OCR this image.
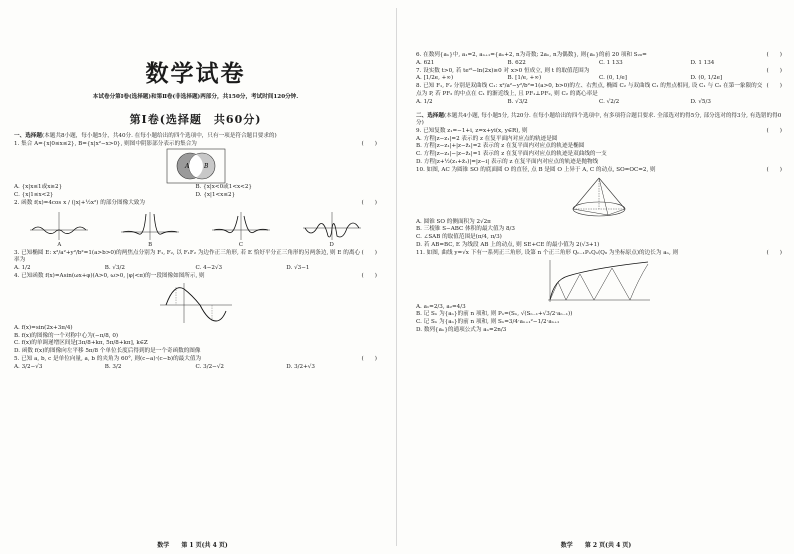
数学试卷
本试卷分第Ⅰ卷(选择题)和第Ⅱ卷(非选择题)两部分，共150分，考试时间120分钟.
第Ⅰ卷(选择题　共60分)
一、选择题(本题共8小题，每小题5分，共40分. 在每小题给出的四个选项中，只有一项是符合题目要求的)
1. 集合 A={x|0≤x≤2}, B={x|x²−x>0}, 则图中阴影部分表示的集合为	(　　)
A B
A. {x|x≤1或x≥2}	B. {x|x<0或1<x<2}
C. {x|1≤x<2}	D. {x|1<x≤2}
2. 函数 f(x)=4cos x / (|x|+½x²) 的部分图像大致为	(　　)
A	B	C	D
3. 已知椭圆 E: x²/a²+y²/b²=1(a>b>0)的两焦点分别为 F₁, F₂, 以 F₁F₂ 为边作正三角形, 若 E 恰好平分正三角形的另两条边, 则 E 的离心率为
(　　)
A. 1/2	B. √3/2	C. 4−2√3	D. √3−1
4. 已知函数 f(x)=Asin(ωx+φ)(A>0, ω>0, |φ|<π)的一段图像如图所示, 则	(　　)
A. f(x)=sin(2x+3π/4)
B. f(x)的图像的一个对称中心为(−π/8, 0)
C. f(x)的单调递增区间是[3π/8+kπ, 5π/8+kπ], k∈Z
D. 函数 f(x)的图像向左平移 5π/8 个单位长度后得到的是一个奇函数的图像
5. 已知 a, b, c 是单位向量, a, b 的夹角为 60°, 则(c−a)·(c−b)的最大值为	(　　)
A. 3/2−√3	B. 3/2	C. 3/2−√2	D. 3/2+√3
数学 第 1 页(共 4 页)
6. 在数列{aₙ}中, a₁=2, aₙ₊₁={aₙ+2, n为奇数; 2aₙ, n为偶数}, 则{aₙ}的前 20 项和 S₂₀=	(　　)
A. 621	B. 622	C. 1 133	D. 1 134
7. 设实数 t>0, 若 te²ᵗ−ln(2x)≥0 对 x>0 恒成立, 则 t 的取值范围为	(　　)
A. [1/2e, +∞)	B. [1/e, +∞)	C. (0, 1/e]	D. (0, 1/2e]
8. 已知 F₁, F₂ 分别是双曲线 C₁: x²/a²−y²/b²=1(a>0, b>0)的左、右焦点, 椭圆 C₂ 与双曲线 C₁ 的焦点相同, 设 C₁ 与 C₂ 在第一象限的交点为 P, 若 PF₂ 的中点在 C₁ 的渐近线上, 且 PF₁⊥PF₂, 则 C₂ 的离心率是
(　　)
A. 1/2	B. √3/2	C. √2/2	D. √5/3
二、选择题(本题共4小题, 每小题5分, 共20分. 在每小题给出的四个选项中, 有多项符合题目要求. 全部选对的得5分, 部分选对的得3分, 有选错的得0分)
9. 已知复数 z₁=−1+i, z=x+yi(x, y∈R), 则	(　　)
A. 方程|z−z₁|=2 表示的 z 在复平面内对应点的轨迹是圆
B. 方程|z−z₁|+|z−z̄₁|=2 表示的 z 在复平面内对应点的轨迹是椭圆
C. 方程|z−z₁|−|z−z̄₁|=1 表示的 z 在复平面内对应点的轨迹是双曲线的一支
D. 方程|z+½(z₁+z̄₁)|=|z−i| 表示的 z 在复平面内对应点的轨迹是抛物线
10. 如图, AC 为圆锥 SO 的底面圆 O 的直径, 点 B 是圆 O 上异于 A, C 的动点, SO=OC=2, 则	(　　)
A. 圆锥 SO 的侧面积为 2√2π
B. 三棱锥 S−ABC 体积的最大值为 8/3
C. ∠SAB 的取值范围是(π/4, π/3)
D. 若 AB=BC, E 为线段 AB 上的动点, 则 SE+CE 的最小值为 2(√3+1)
11. 如图, 曲线 y=√x 下有一系列正三角形, 设第 n 个正三角形 Qₙ₋₁PₙQₙ(Q₀ 为坐标原点)的边长为 aₙ, 则	(　　)
A. a₁=2/3, a₂=4/3
B. 记 Sₙ 为{aₙ}的前 n 项和, 则 Pₙ=(Sₙ, √(Sₙ₋₁+√3/2·aₙ₋₁))
C. 记 Sₙ 为{aₙ}的前 n 项和, 则 Sₙ=3/4·aₙ₊₁²−1/2·aₙ₊₁
D. 数列{aₙ}的通项公式为 aₙ=2n/3
数学 第 2 页(共 4 页)
